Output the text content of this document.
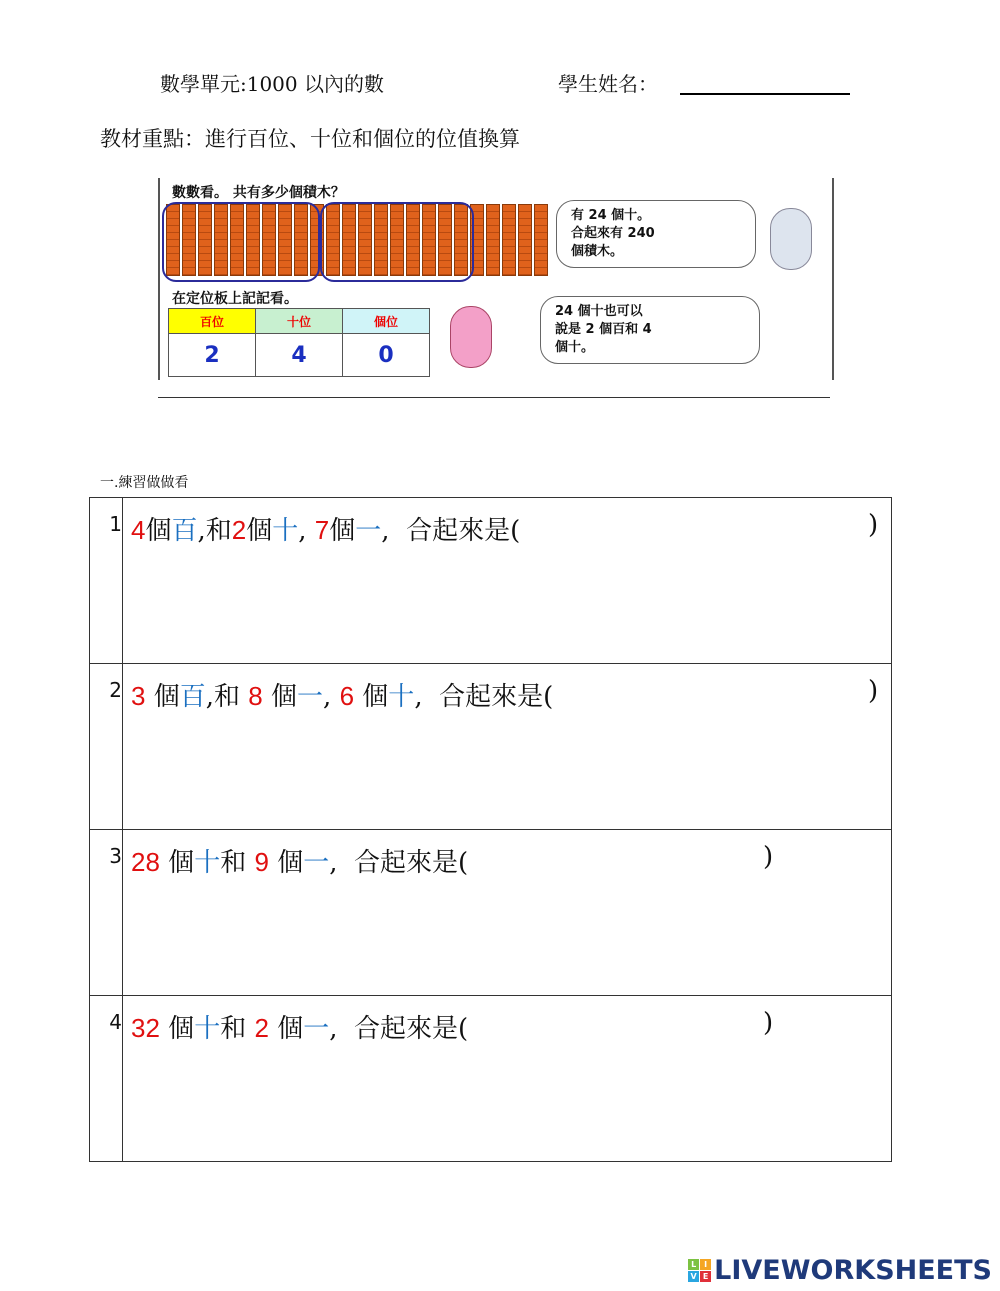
數學單元:1000 以內的數	學生姓名：
教材重點：進行百位、十位和個位的位值換算
數數看。 共有多少個積木？
有 24 個十。
合起來有 240
個積木。
在定位板上記記看。
百位	十位	個位
2	4	0
24 個十也可以
說是 2 個百和 4
個十。
一.練習做做看
1 4個百,和2個十, 7個一,  合起來是(	)
2 3 個百,和 8 個一, 6 個十,  合起來是(	)
3 28 個十和 9 個一,  合起來是(	)
4 32 個十和 2 個一,  合起來是(	)
L I
V E LIVEWORKSHEETS
